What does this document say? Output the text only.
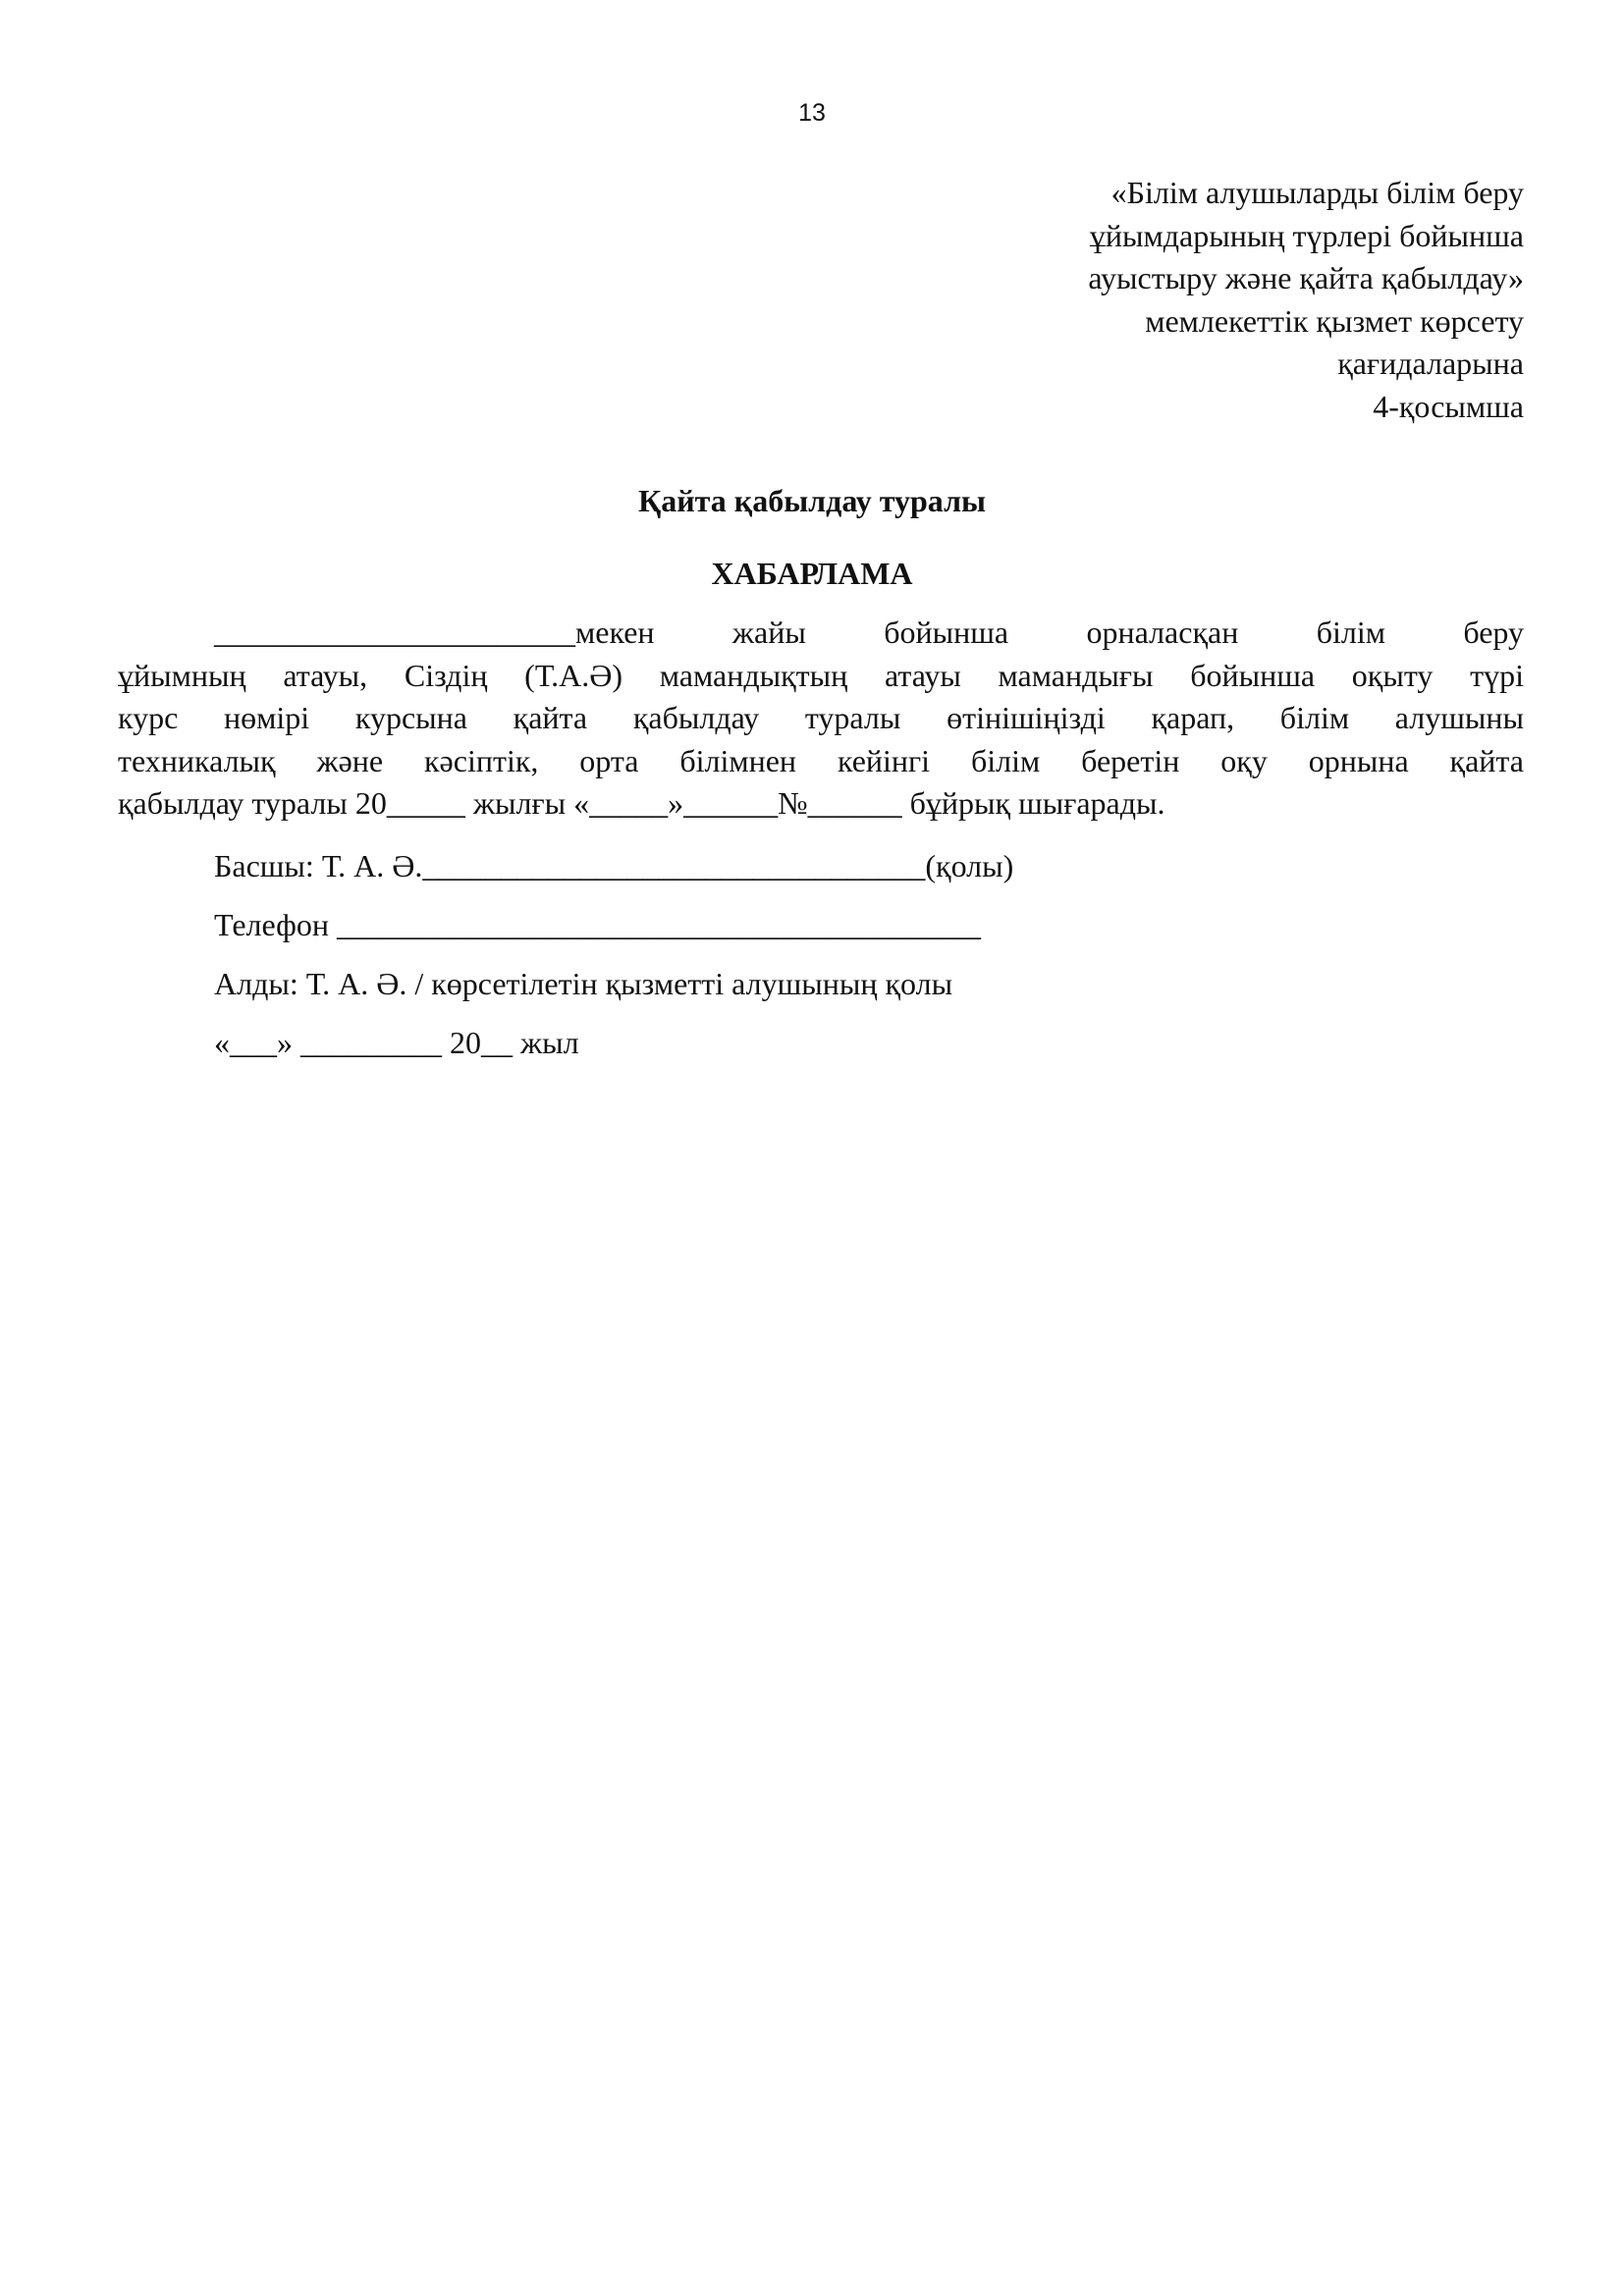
13
«Білім алушыларды білім беру
ұйымдарының түрлері бойынша
ауыстыру және қайта қабылдау»
мемлекеттік қызмет көрсету
қағидаларына
4-қосымша
Қайта қабылдау туралы
ХАБАРЛАМА
_______________________мекен жайы бойынша орналасқан білім беру
ұйымның атауы, Сіздің (Т.А.Ә) мамандықтың атауы мамандығы бойынша оқыту түрі
курс нөмірі курсына қайта қабылдау туралы өтінішіңізді қарап, білім алушыны
техникалық және кәсіптік, орта білімнен кейінгі білім беретін оқу орнына қайта
қабылдау туралы 20_____ жылғы «_____»______№______ бұйрық шығарады.
Басшы: Т. А. Ә.________________________________(қолы)
Телефон _________________________________________
Алды: Т. А. Ә. / көрсетілетін қызметті алушының қолы
«___» _________ 20__ жыл
